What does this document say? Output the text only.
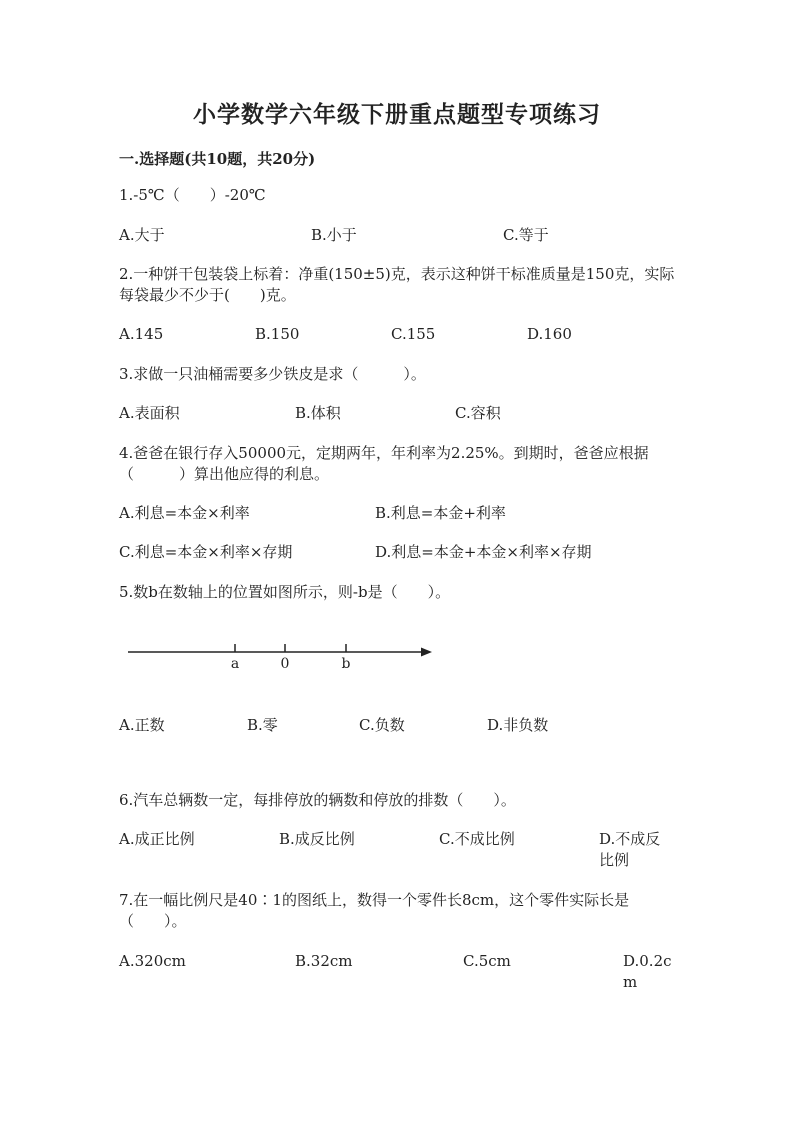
小学数学六年级下册重点题型专项练习
一.选择题(共10题，共20分)
1.-5℃（　　）-20℃
A.大于	B.小于	C.等于
2.一种饼干包装袋上标着：净重(150±5)克，表示这种饼干标准质量是150克，实际每袋最少不少于(　　)克。
A.145	B.150	C.155	D.160
3.求做一只油桶需要多少铁皮是求（　　　）。
A.表面积	B.体积	C.容积
4.爸爸在银行存入50000元，定期两年，年利率为2.25%。到期时，爸爸应根据（　　　）算出他应得的利息。
A.利息=本金×利率	B.利息=本金+利率
C.利息=本金×利率×存期	D.利息=本金+本金×利率×存期
5.数b在数轴上的位置如图所示，则-b是（　　）。
a	0	b
A.正数	B.零	C.负数	D.非负数
6.汽车总辆数一定，每排停放的辆数和停放的排数（　　）。
A.成正比例	B.成反比例	C.不成比例	D.不成反比例
7.在一幅比例尺是40∶1的图纸上，数得一个零件长8cm，这个零件实际长是（　　）。
A.320cm	B.32cm	C.5cm	D.0.2cm
